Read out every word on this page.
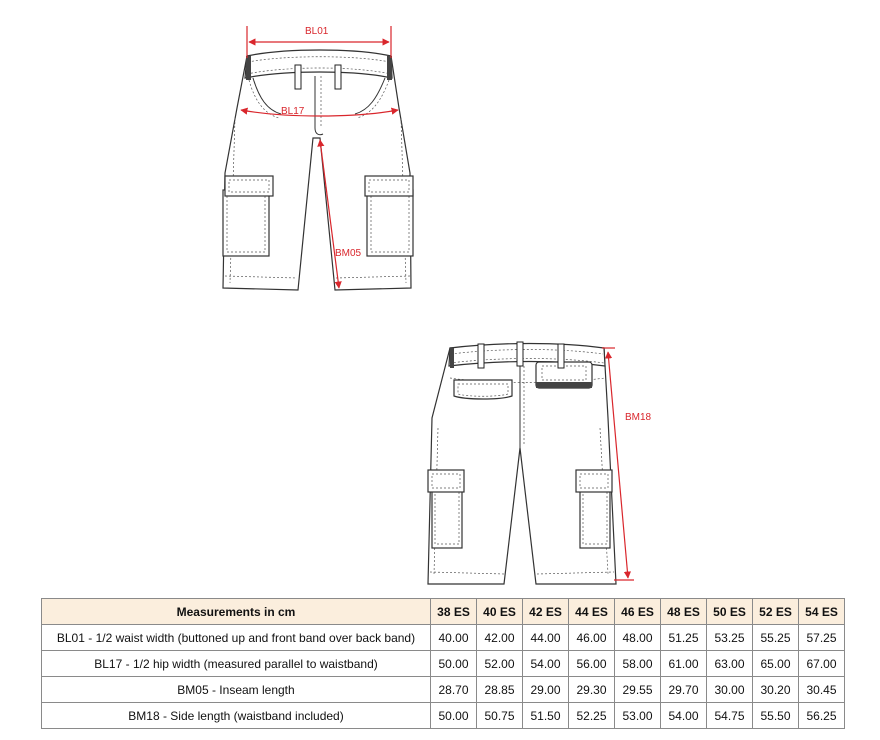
BL01
BL17
BM05
BM18
Measurements in cm	38 ES	40 ES	42 ES	44 ES	46 ES	48 ES	50 ES	52 ES	54 ES
BL01 - 1/2 waist width (buttoned up and front band over back band)	40.00	42.00	44.00	46.00	48.00	51.25	53.25	55.25	57.25
BL17 - 1/2 hip width (measured parallel to waistband)	50.00	52.00	54.00	56.00	58.00	61.00	63.00	65.00	67.00
BM05 - Inseam length	28.70	28.85	29.00	29.30	29.55	29.70	30.00	30.20	30.45
BM18 - Side length (waistband included)	50.00	50.75	51.50	52.25	53.00	54.00	54.75	55.50	56.25
